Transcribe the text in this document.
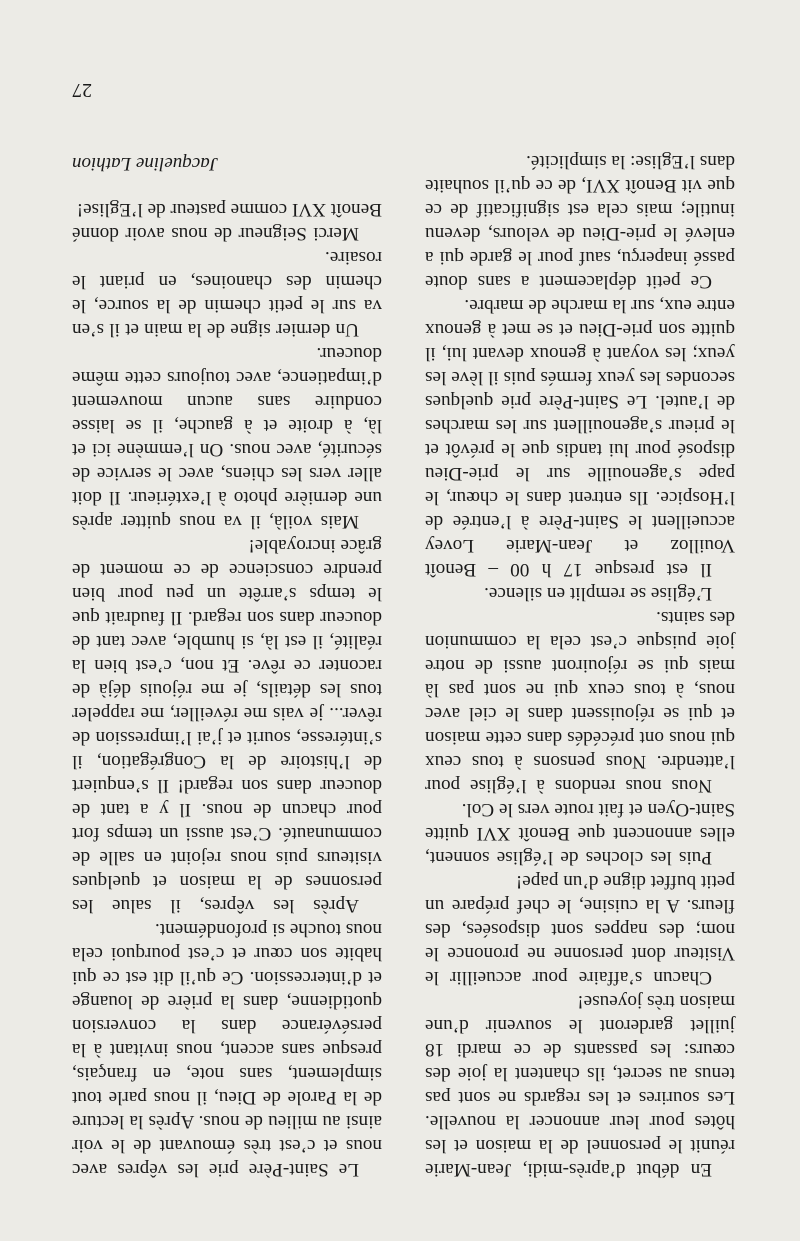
En début d’après-midi, Jean-Marie réunit le personnel de la maison et les hôtes pour leur annoncer la nouvelle. Les sourires et les regards ne sont pas tenus au secret, ils chantent la joie des cœurs: les passants de ce mardi 18 juillet garderont le souvenir d’une maison très joyeuse!

Chacun s’affaire pour accueillir le Visiteur dont personne ne prononce le nom; des nappes sont disposées, des fleurs. A la cuisine, le chef prépare un petit buffet digne d’un pape!

Puis les cloches de l’église sonnent, elles annoncent que Benoît XVI quitte Saint-Oyen et fait route vers le Col.

Nous nous rendons à l’église pour l’attendre. Nous pensons à tous ceux qui nous ont précédés dans cette maison et qui se réjouissent dans le ciel avec nous, à tous ceux qui ne sont pas là mais qui se réjouiront aussi de notre joie puisque c’est cela la communion des saints.

L’église se remplit en silence.

Il est presque 17 h 00 – Benoît Vouilloz et Jean-Marie Lovey accueillent le Saint-Père à l’entrée de l’Hospice. Ils entrent dans le chœur, le pape s’agenouille sur le prie-Dieu disposé pour lui tandis que le prévôt et le prieur s’agenouillent sur les marches de l’autel. Le Saint-Père prie quelques secondes les yeux fermés puis il lève les yeux; les voyant à genoux devant lui, il quitte son prie-Dieu et se met à genoux entre eux, sur la marche de marbre.

Ce petit déplacement a sans doute passé inaperçu, sauf pour le garde qui a enlevé le prie-Dieu de velours, devenu inutile; mais cela est significatif de ce que vit Benoît XVI, de ce qu’il souhaite dans l’Eglise: la simplicité.

Le Saint-Père prie les vêpres avec nous et c’est très émouvant de le voir ainsi au milieu de nous. Après la lecture de la Parole de Dieu, il nous parle tout simplement, sans note, en français, presque sans accent, nous invitant à la persévérance dans la conversion quotidienne, dans la prière de louange et d’intercession. Ce qu’il dit est ce qui habite son cœur et c’est pourquoi cela nous touche si profondément.

Après les vêpres, il salue les personnes de la maison et quelques visiteurs puis nous rejoint en salle de communauté. C’est aussi un temps fort pour chacun de nous. Il y a tant de douceur dans son regard! Il s’enquiert de l’histoire de la Congrégation, il s’intéresse, sourit et j’ai l’impression de rêver... je vais me réveiller, me rappeler tous les détails, je me réjouis déjà de raconter ce rêve. Et non, c’est bien la réalité, il est là, si humble, avec tant de douceur dans son regard. Il faudrait que le temps s’arrête un peu pour bien prendre conscience de ce moment de grâce incroyable!

Mais voilà, il va nous quitter après une dernière photo à l’extérieur. Il doit aller vers les chiens, avec le service de sécurité, avec nous. On l’emmène ici et là, à droite et à gauche, il se laisse conduire sans aucun mouvement d’impatience, avec toujours cette même douceur.

Un dernier signe de la main et il s’en va sur le petit chemin de la source, le chemin des chanoines, en priant le rosaire.

Merci Seigneur de nous avoir donné Benoît XVI comme pasteur de l’Eglise!

Jacqueline Lathion
27
